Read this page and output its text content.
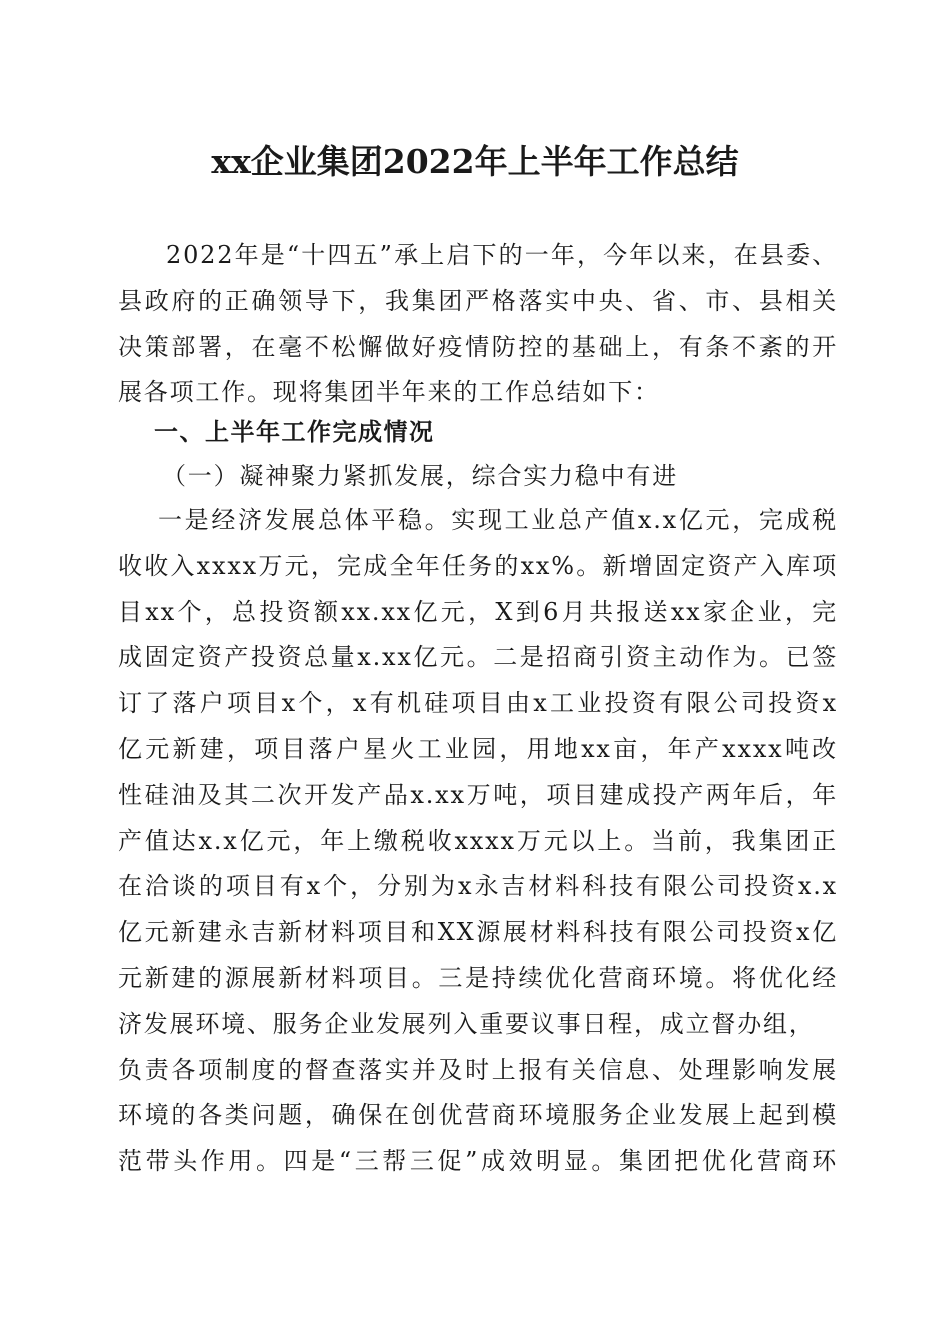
xx企业集团2022年上半年工作总结
2022年是“十四五”承上启下的一年，今年以来，在县委、
县政府的正确领导下，我集团严格落实中央、省、市、县相关
决策部署，在毫不松懈做好疫情防控的基础上，有条不紊的开
展各项工作。现将集团半年来的工作总结如下：
一、上半年工作完成情况
（一）凝神聚力紧抓发展，综合实力稳中有进
一是经济发展总体平稳。实现工业总产值x.x亿元，完成税
收收入xxxx万元，完成全年任务的xx%。新增固定资产入库项
目xx个，总投资额xx.xx亿元，X到6月共报送xx家企业，完
成固定资产投资总量x.xx亿元。二是招商引资主动作为。已签
订了落户项目x个，x有机硅项目由x工业投资有限公司投资x
亿元新建，项目落户星火工业园，用地xx亩，年产xxxx吨改
性硅油及其二次开发产品x.xx万吨，项目建成投产两年后，年
产值达x.x亿元，年上缴税收xxxx万元以上。当前，我集团正
在洽谈的项目有x个，分别为x永吉材料科技有限公司投资x.x
亿元新建永吉新材料项目和XX源展材料科技有限公司投资x亿
元新建的源展新材料项目。三是持续优化营商环境。将优化经
济发展环境、服务企业发展列入重要议事日程，成立督办组，
负责各项制度的督查落实并及时上报有关信息、处理影响发展
环境的各类问题，确保在创优营商环境服务企业发展上起到模
范带头作用。四是“三帮三促”成效明显。集团把优化营商环
